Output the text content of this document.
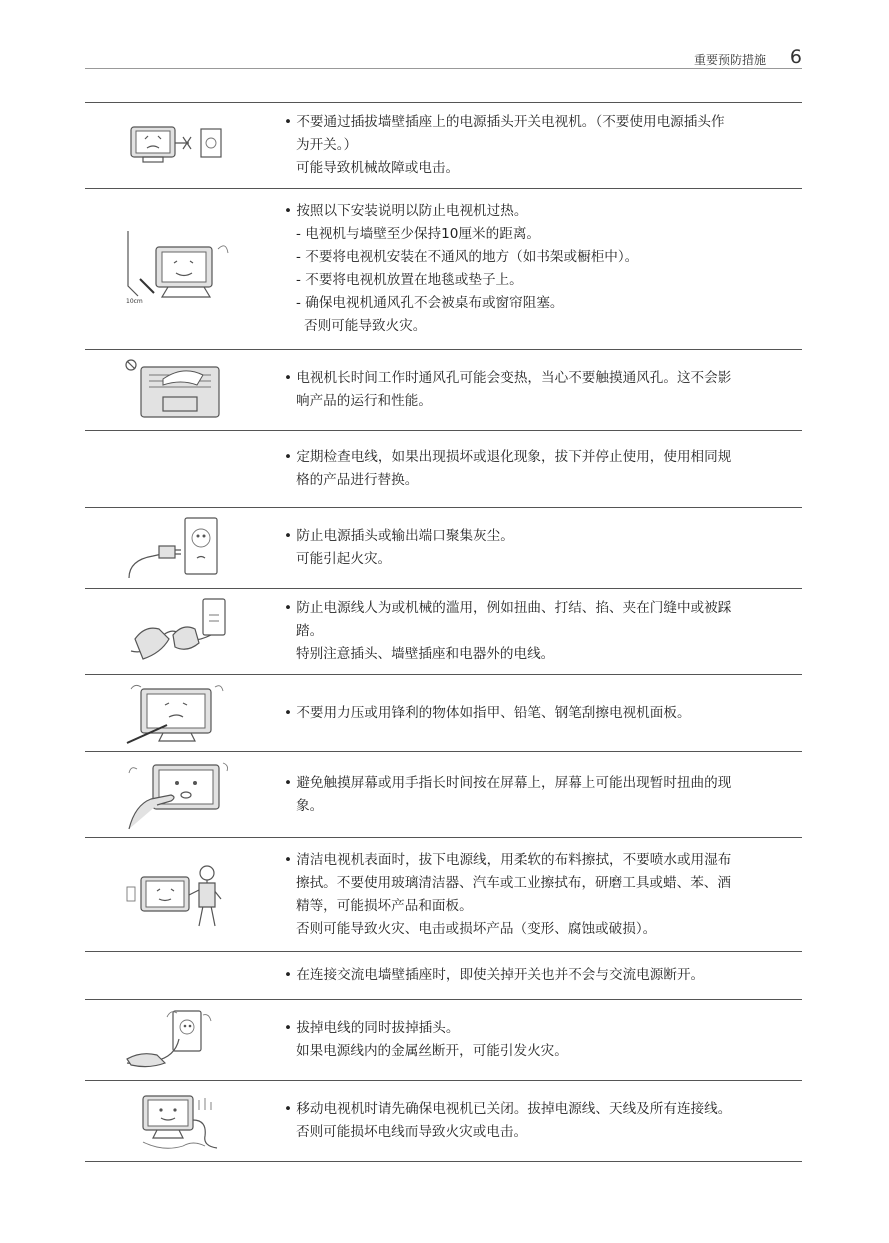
重要预防措施 6

• 不要通过插拔墙壁插座上的电源插头开关电视机。（不要使用电源插头作

为开关。）

可能导致机械故障或电击。

10cm

• 按照以下安装说明以防止电视机过热。

- 电视机与墙壁至少保持10厘米的距离。

- 不要将电视机安装在不通风的地方（如书架或橱柜中）。

- 不要将电视机放置在地毯或垫子上。

- 确保电视机通风孔不会被桌布或窗帘阻塞。

否则可能导致火灾。

• 电视机长时间工作时通风孔可能会变热，当心不要触摸通风孔。这不会影

响产品的运行和性能。

• 定期检查电线，如果出现损坏或退化现象，拔下并停止使用，使用相同规

格的产品进行替换。

• 防止电源插头或输出端口聚集灰尘。

可能引起火灾。

• 防止电源线人为或机械的滥用，例如扭曲、打结、掐、夹在门缝中或被踩

踏。

特别注意插头、墙壁插座和电器外的电线。

• 不要用力压或用锋利的物体如指甲、铅笔、钢笔刮擦电视机面板。

• 避免触摸屏幕或用手指长时间按在屏幕上，屏幕上可能出现暂时扭曲的现

象。

• 清洁电视机表面时，拔下电源线，用柔软的布料擦拭，不要喷水或用湿布

擦拭。不要使用玻璃清洁器、汽车或工业擦拭布，研磨工具或蜡、苯、酒

精等，可能损坏产品和面板。

否则可能导致火灾、电击或损坏产品（变形、腐蚀或破损）。

• 在连接交流电墙壁插座时，即使关掉开关也并不会与交流电源断开。

• 拔掉电线的同时拔掉插头。

如果电源线内的金属丝断开，可能引发火灾。

• 移动电视机时请先确保电视机已关闭。拔掉电源线、天线及所有连接线。

否则可能损坏电线而导致火灾或电击。
